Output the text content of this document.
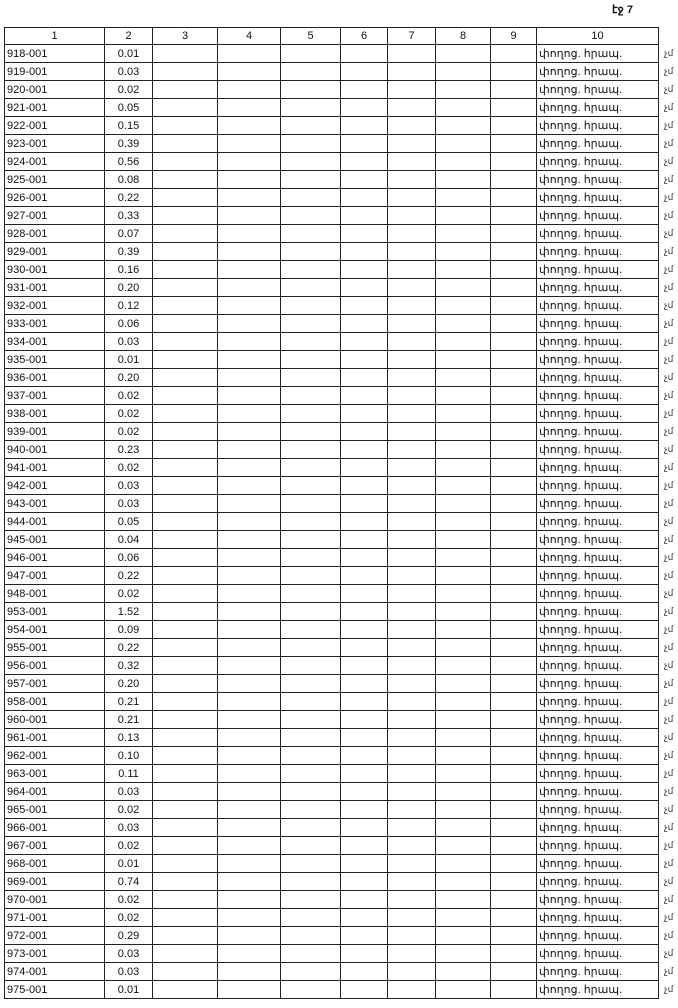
էջ 7
1	2	3	4	5	6	7	8	9	10
918-001	0.01								փողոց. հրապ.
919-001	0.03								փողոց. հրապ.
920-001	0.02								փողոց. հրապ.
921-001	0.05								փողոց. հրապ.
922-001	0.15								փողոց. հրապ.
923-001	0.39								փողոց. հրապ.
924-001	0.56								փողոց. հրապ.
925-001	0.08								փողոց. հրապ.
926-001	0.22								փողոց. հրապ.
927-001	0.33								փողոց. հրապ.
928-001	0.07								փողոց. հրապ.
929-001	0.39								փողոց. հրապ.
930-001	0.16								փողոց. հրապ.
931-001	0.20								փողոց. հրապ.
932-001	0.12								փողոց. հրապ.
933-001	0.06								փողոց. հրապ.
934-001	0.03								փողոց. հրապ.
935-001	0.01								փողոց. հրապ.
936-001	0.20								փողոց. հրապ.
937-001	0.02								փողոց. հրապ.
938-001	0.02								փողոց. հրապ.
939-001	0.02								փողոց. հրապ.
940-001	0.23								փողոց. հրապ.
941-001	0.02								փողոց. հրապ.
942-001	0.03								փողոց. հրապ.
943-001	0.03								փողոց. հրապ.
944-001	0.05								փողոց. հրապ.
945-001	0.04								փողոց. հրապ.
946-001	0.06								փողոց. հրապ.
947-001	0.22								փողոց. հրապ.
948-001	0.02								փողոց. հրապ.
953-001	1.52								փողոց. հրապ.
954-001	0.09								փողոց. հրապ.
955-001	0.22								փողոց. հրապ.
956-001	0.32								փողոց. հրապ.
957-001	0.20								փողոց. հրապ.
958-001	0.21								փողոց. հրապ.
960-001	0.21								փողոց. հրապ.
961-001	0.13								փողոց. հրապ.
962-001	0.10								փողոց. հրապ.
963-001	0.11								փողոց. հրապ.
964-001	0.03								փողոց. հրապ.
965-001	0.02								փողոց. հրապ.
966-001	0.03								փողոց. հրապ.
967-001	0.02								փողոց. հրապ.
968-001	0.01								փողոց. հրապ.
969-001	0.74								փողոց. հրապ.
970-001	0.02								փողոց. հրապ.
971-001	0.02								փողոց. հրապ.
972-001	0.29								փողոց. հրապ.
973-001	0.03								փողոց. հրապ.
974-001	0.03								փողոց. հրապ.
975-001	0.01								փողոց. հրապ.
չմ
չմ
չմ
չմ
չմ
չմ
չմ
չմ
չմ
չմ
չմ
չմ
չմ
չմ
չմ
չմ
չմ
չմ
չմ
չմ
չմ
չմ
չմ
չմ
չմ
չմ
չմ
չմ
չմ
չմ
չմ
չմ
չմ
չմ
չմ
չմ
չմ
չմ
չմ
չմ
չմ
չմ
չմ
չմ
չմ
չմ
չմ
չմ
չմ
չմ
չմ
չմ
չմ
